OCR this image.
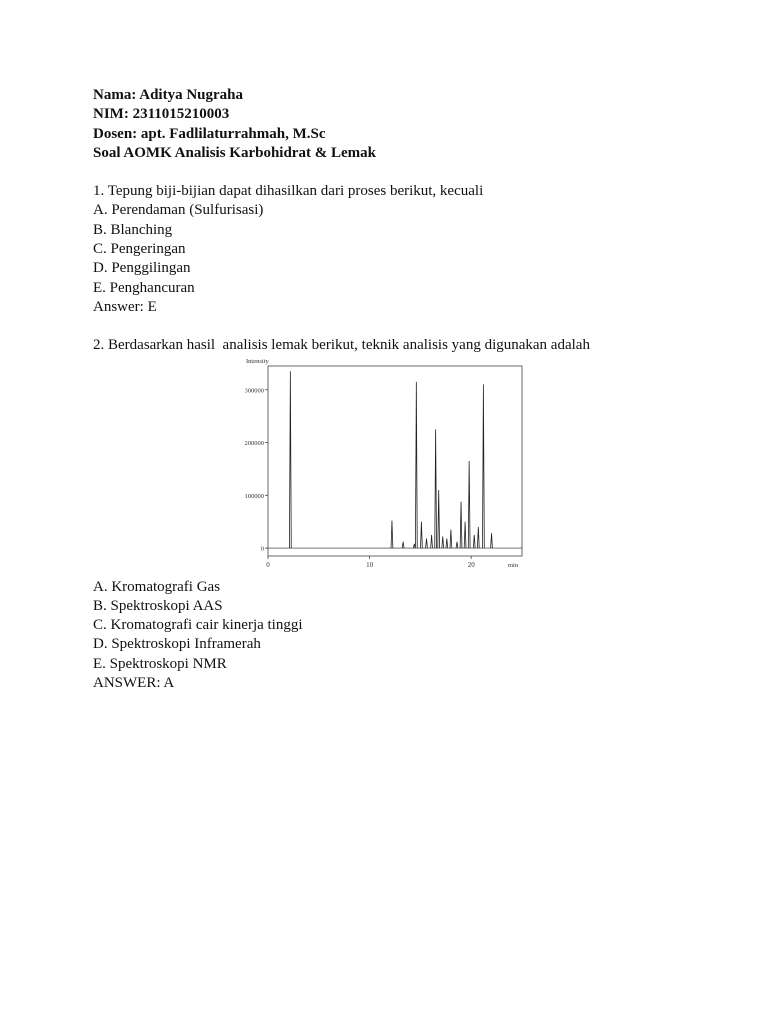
Nama: Aditya Nugraha
NIM: 2311015210003
Dosen: apt. Fadlilaturrahmah, M.Sc
Soal AOMK Analisis Karbohidrat & Lemak
1. Tepung biji-bijian dapat dihasilkan dari proses berikut, kecuali
A. Perendaman (Sulfurisasi)
B. Blanching
C. Pengeringan
D. Penggilingan
E. Penghancuran
Answer: E
2. Berdasarkan hasil  analisis lemak berikut, teknik analisis yang digunakan adalah
0
100000
200000
300000
0	10	20
Intensity
min
A. Kromatografi Gas
B. Spektroskopi AAS
C. Kromatografi cair kinerja tinggi
D. Spektroskopi Inframerah
E. Spektroskopi NMR
ANSWER: A
